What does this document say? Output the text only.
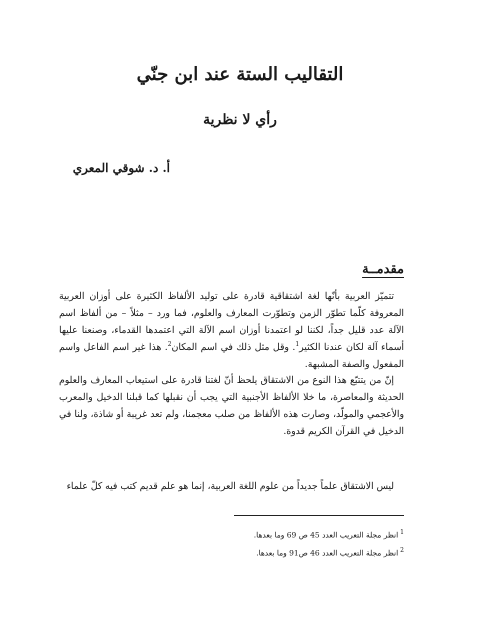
التقاليب الستة عند ابن جنّي
رأي لا نظرية
أ. د. شوقي المعري
مقدمــة
تتميّز العربية بأنّها لغة اشتقاقية قادرة على توليد الألفاظ الكثيرة على أوزان العربية المعروفة كلّما تطوّر الزمن وتطوّرت المعارف والعلوم، فما ورد – مثلاً – من ألفاظ اسم الآلة عدد قليل جداً، لكننا لو اعتمدنا أوزان اسم الآلة التي اعتمدها القدماء، وصنعنا عليها أسماء آلة لكان عندنا الكثير$^1$. وقل مثل ذلك في اسم المكان$^2$. هذا غير اسم الفاعل واسم المفعول والصفة المشبهة.
إنّ من يتتبّع هذا النوع من الاشتقاق يلحظ أنّ لغتنا قادرة على استيعاب المعارف والعلوم الحديثة والمعاصرة، ما خلا الألفاظ الأجنبية التي يجب أن نقبلها كما قبلنا الدخيل والمعرب والأعجمي والمولّد، وصارت هذه الألفاظ من صلب معجمنا، ولم تعد غريبة أو شاذة، ولنا في الدخيل في القرآن الكريم قدوة.
ليس الاشتقاق علماً جديداً من علوم اللغة العربية، إنما هو علم قديم كتب فيه كلّ علماء
$^1$انظر مجلة التعريب العدد 45 ص 69 وما بعدها.
$^2$انظر مجلة التعريب العدد 46 ص91 وما بعدها.
